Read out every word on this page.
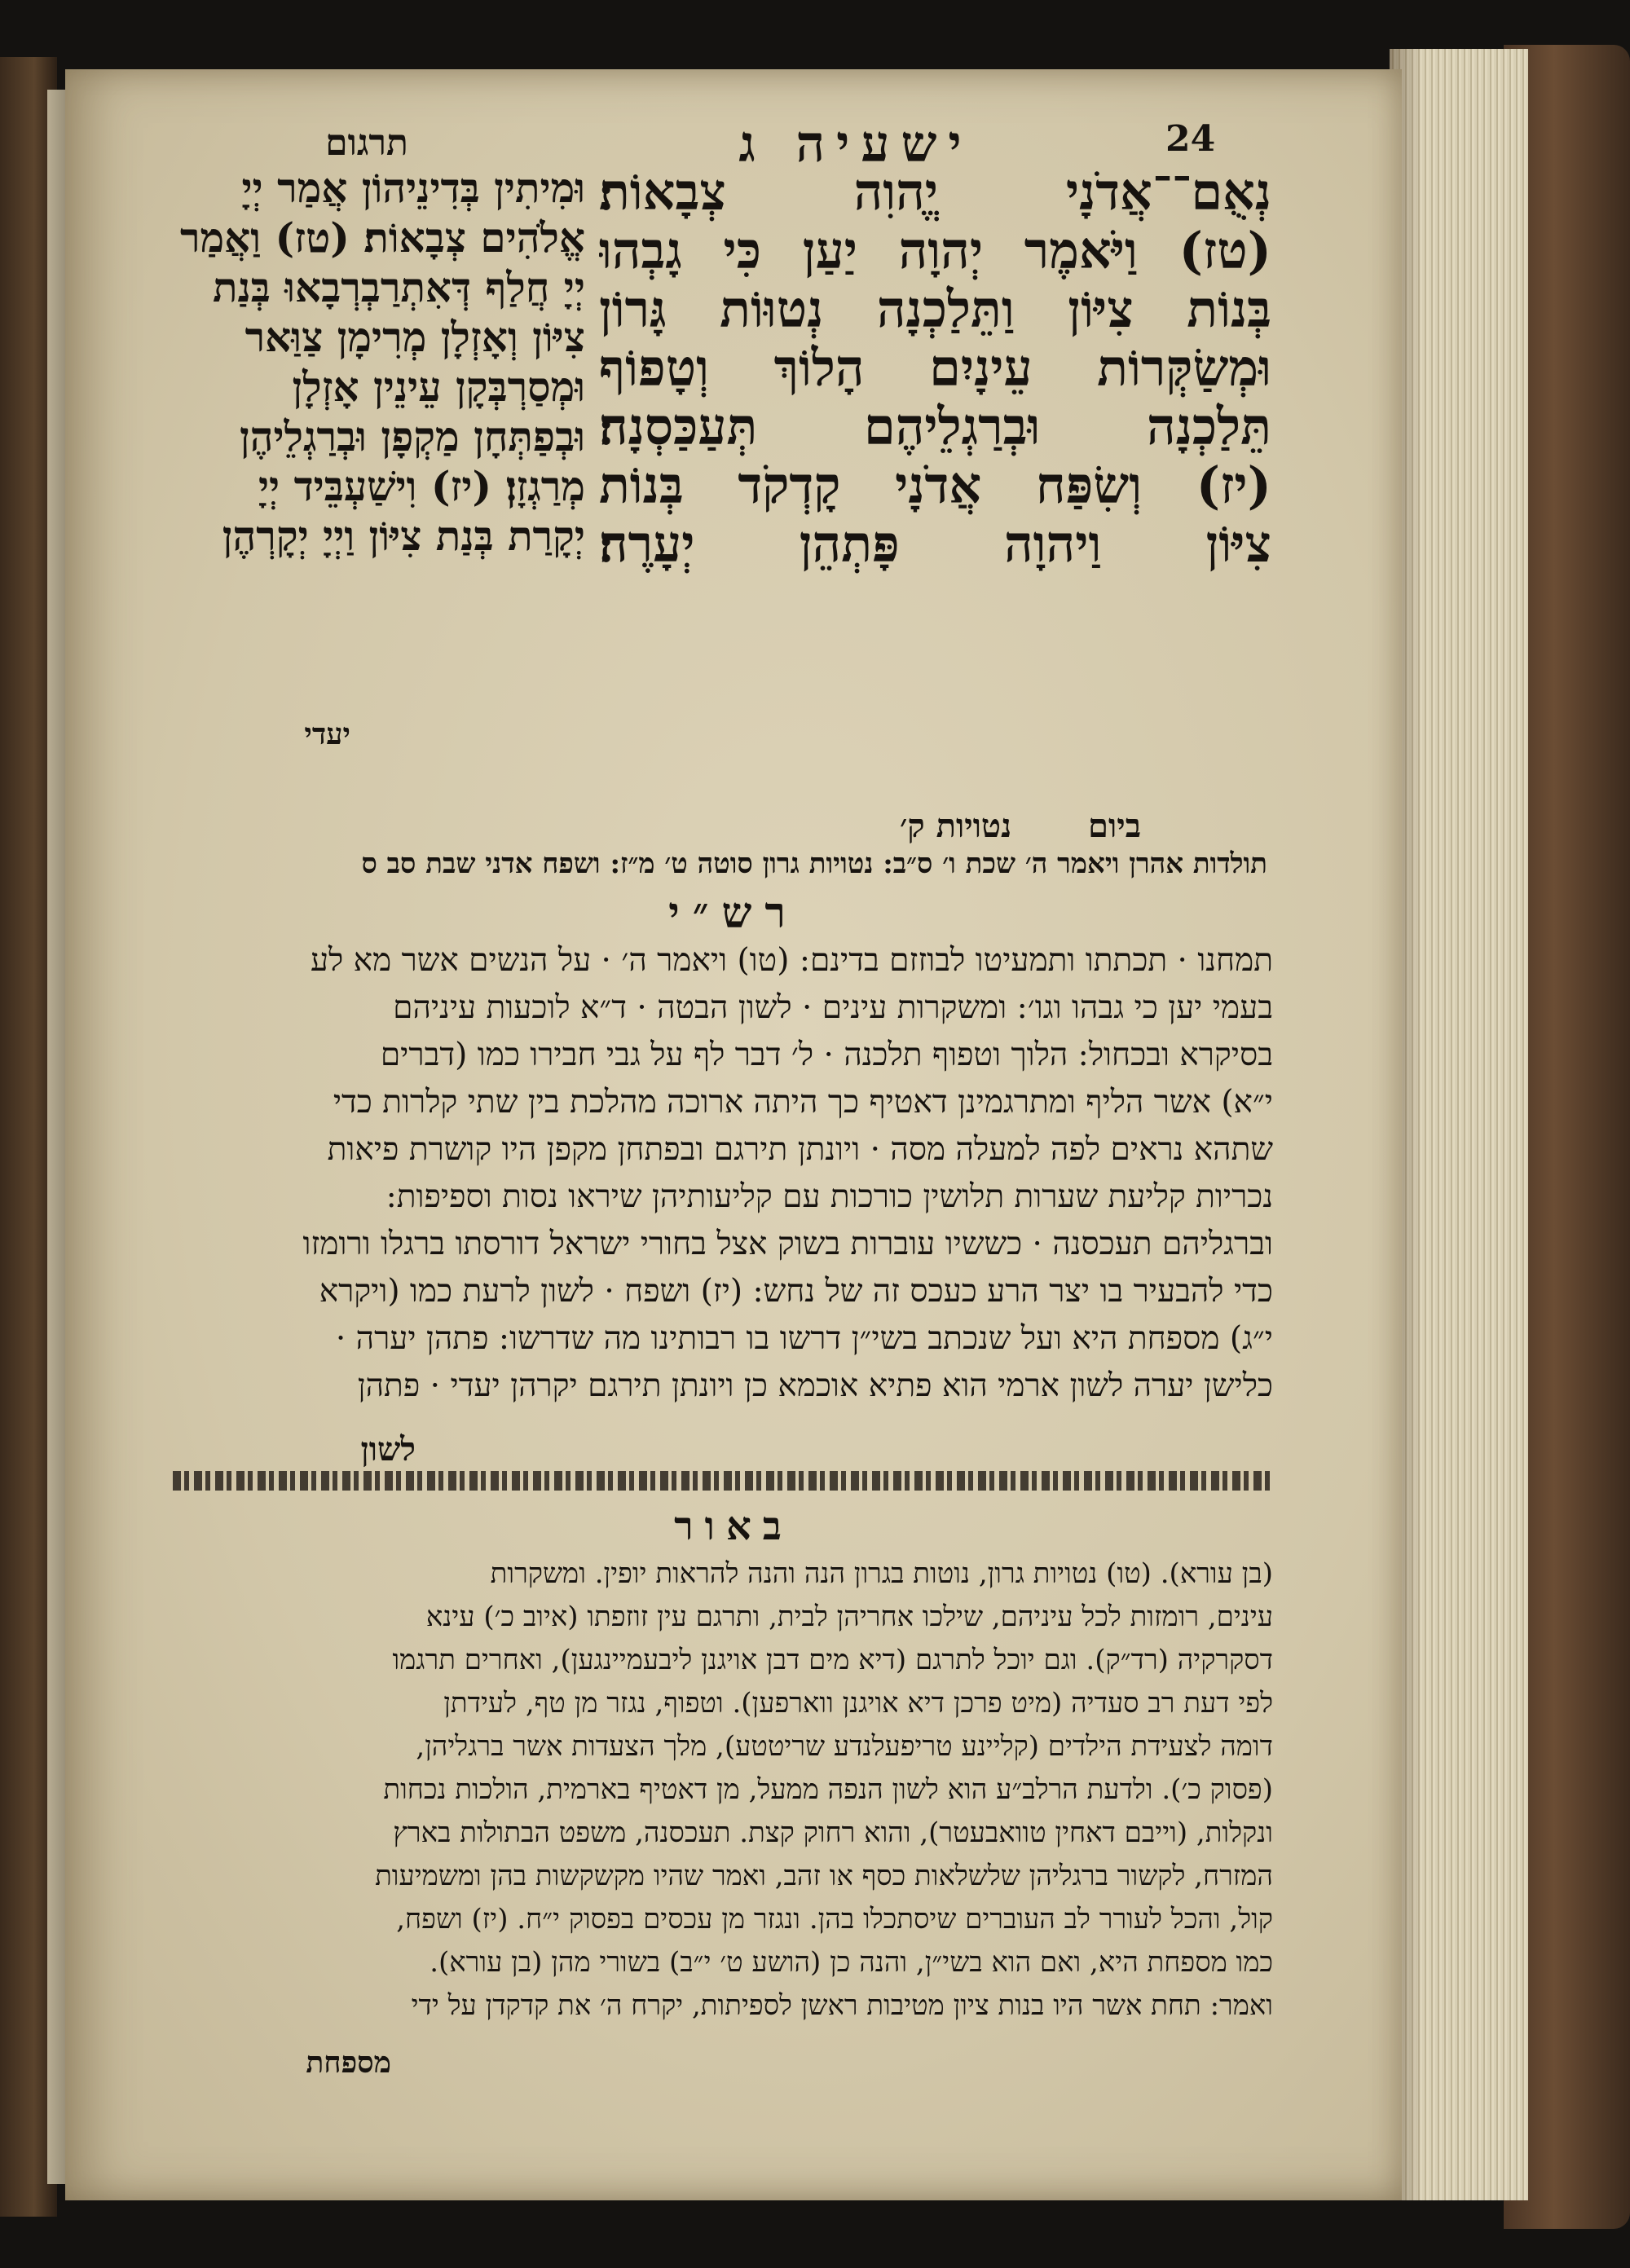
24
ישעיה ג
תרגום
נְאֻם־־אֲדֹנָי יֱהוִה צְבָאוֹת׃
(טז) וַיֹּאמֶר יְהוָה יַעַן כִּי גָבְהוּ
בְּנוֹת צִיּוֹן וַתֵּלַכְנָה נְטוּוֹת גָּרוֹן
וּמְשַׂקְּרוֹת עֵינָיִם הָלוֹךְ וְטָפוֹף
תֵּלַכְנָה וּבְרַגְלֵיהֶם תְּעַכַּסְנָה׃
(יז) וְשִׂפַּח אֲדֹנָי קָדְקֹד בְּנוֹת
צִיּוֹן וַיהוָה פָּתְהֵן יְעָרֶה׃
וּמִיתִין בְּדִינֵיהוֹן אֲמַר יְיָ
אֱלֹהִים צְבָאוֹת׃ (טז) וַאֲמַר
יְיָ חֲלַף דְּאִתְרַבְרְבָאוּ בְּנַת
צִיּוֹן וְאָזְלָן מְרִימָן צַוַּאר
וּמְסַרְבְּקָן עֵינֵין אָזְלָן
וּבְפַתְּחָן מַקְפָן וּבְרַגְלֵיהֶן
מְרַגְזָן׃ (יז) וִישַׁעְבֵּיד יְיָ
יְקָרַת בְּנַת צִיּוֹן וַיְיָ יְקָרְהֶן
יעדי
ביום נטויות ק׳
תולדות אהרן ויאמר ה׳ שכת ו׳ ס״ב: נטויות גרון סוטה ט׳ מ״ז: ושפח אדני שבת סב ס
רש״י
תמחנו · תכתתו ותמעיטו לבוזזם בדינם: (טו) ויאמר ה׳ · על הנשים אשר מא לע
בעמי יען כי גבהו וגו׳: ומשקרות עינים · לשון הבטה · ד״א לוכעות עיניהם
בסיקרא ובכחול: הלוך וטפוף תלכנה · ל׳ דבר לף על גבי חבירו כמו (דברים
י״א) אשר הליף ומתרגמינן דאטיף כך היתה ארוכה מהלכת בין שתי קלרות כדי
שתהא נראים לפה למעלה מסה · ויונתן תירגם ובפתחן מקפן היו קושרת פיאות
נכריות קליעת שערות תלושין כורכות עם קליעותיהן שיראו נסות וספיפות:
וברגליהם תעכסנה · כששיו עוברות בשוק אצל בחורי ישראל דורסתו ברגלו ורומזו
כדי להבעיר בו יצר הרע כעכס זה של נחש: (יז) ושפח · לשון לרעת כמו (ויקרא
י״ג) מספחת היא ועל שנכתב בשי״ן דרשו בו רבותינו מה שדרשו: פתהן יערה ·
כלישן יערה לשון ארמי הוא פתיא אוכמא כן ויונתן תירגם יקרהן יעדי · פתהן
לשון
באור
(בן עורא). (טו) נטויות גרון, נוטות בגרון הנה והנה להראות יופין. ומשקרות
עינים, רומזות לכל עיניהם, שילכו אחריהן לבית, ותרגם עין זוזפתו (איוב כ׳) עינא
דסקרקיה (רד״ק). וגם יוכל לתרגם (דיא מים דבן אויגנן ליבעמיינגען), ואחרים תרגמו
לפי דעת רב סעדיה (מיט פרכן דיא אויגנן ווארפען). וטפוף, נגזר מן טף, לעידתן
דומה לצעידת הילדים (קליינע טריפעלנדע שריטטע), מלך הצעדות אשר ברגליהן,
(פסוק כ׳). ולדעת הרלב״ע הוא לשון הנפה ממעל, מן דאטיף בארמית, הולכות נכחות
ונקלות, (וייבם דאחין טוואבעטר), והוא רחוק קצת. תעכסנה, משפט הבתולות בארץ
המזרח, לקשור ברגליהן שלשלאות כסף או זהב, ואמר שהיו מקשקשות בהן ומשמיעות
קול, והכל לעורר לב העוברים שיסתכלו בהן. ונגזר מן עכסים בפסוק י״ח. (יז) ושפח,
כמו מספחת היא, ואם הוא בשי״ן, והנה כן (הושע ט׳ י״ב) בשורי מהן (בן עורא).
ואמר: תחת אשר היו בנות ציון מטיבות ראשן לספיתות, יקרח ה׳ את קדקדן על ידי
מספחת
